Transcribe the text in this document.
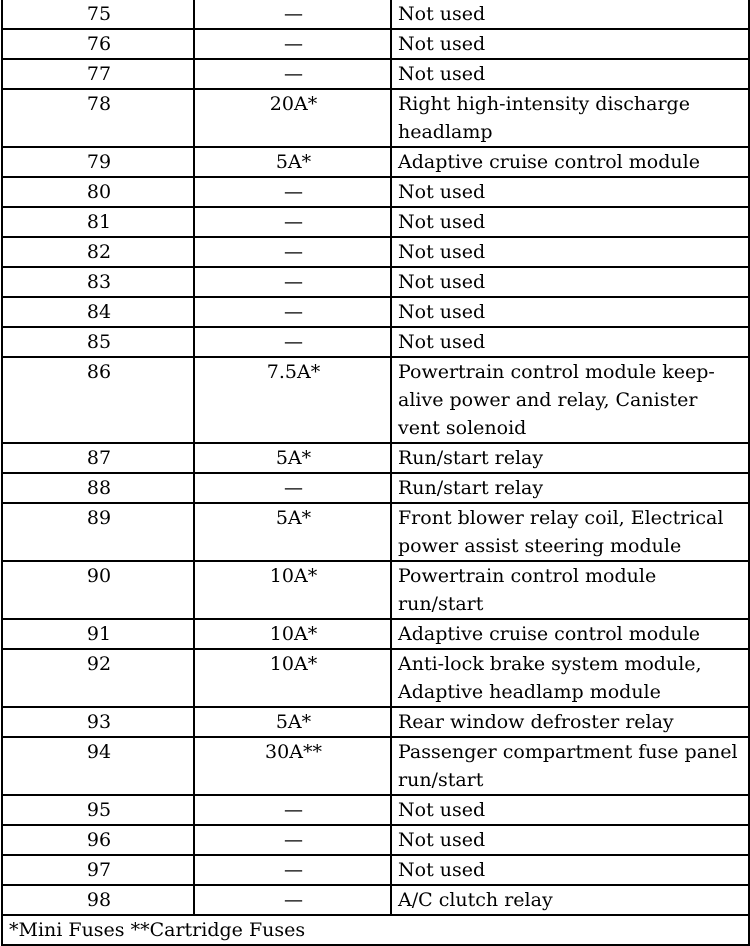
75	—	Not used
76	—	Not used
77	—	Not used
78	20A*	Right high-intensity discharge headlamp
79	5A*	Adaptive cruise control module
80	—	Not used
81	—	Not used
82	—	Not used
83	—	Not used
84	—	Not used
85	—	Not used
86	7.5A*	Powertrain control module keep-alive power and relay, Canister vent solenoid
87	5A*	Run/start relay
88	—	Run/start relay
89	5A*	Front blower relay coil, Electrical power assist steering module
90	10A*	Powertrain control module run/start
91	10A*	Adaptive cruise control module
92	10A*	Anti-lock brake system module, Adaptive headlamp module
93	5A*	Rear window defroster relay
94	30A**	Passenger compartment fuse panel run/start
95	—	Not used
96	—	Not used
97	—	Not used
98	—	A/C clutch relay
*Mini Fuses **Cartridge Fuses		
